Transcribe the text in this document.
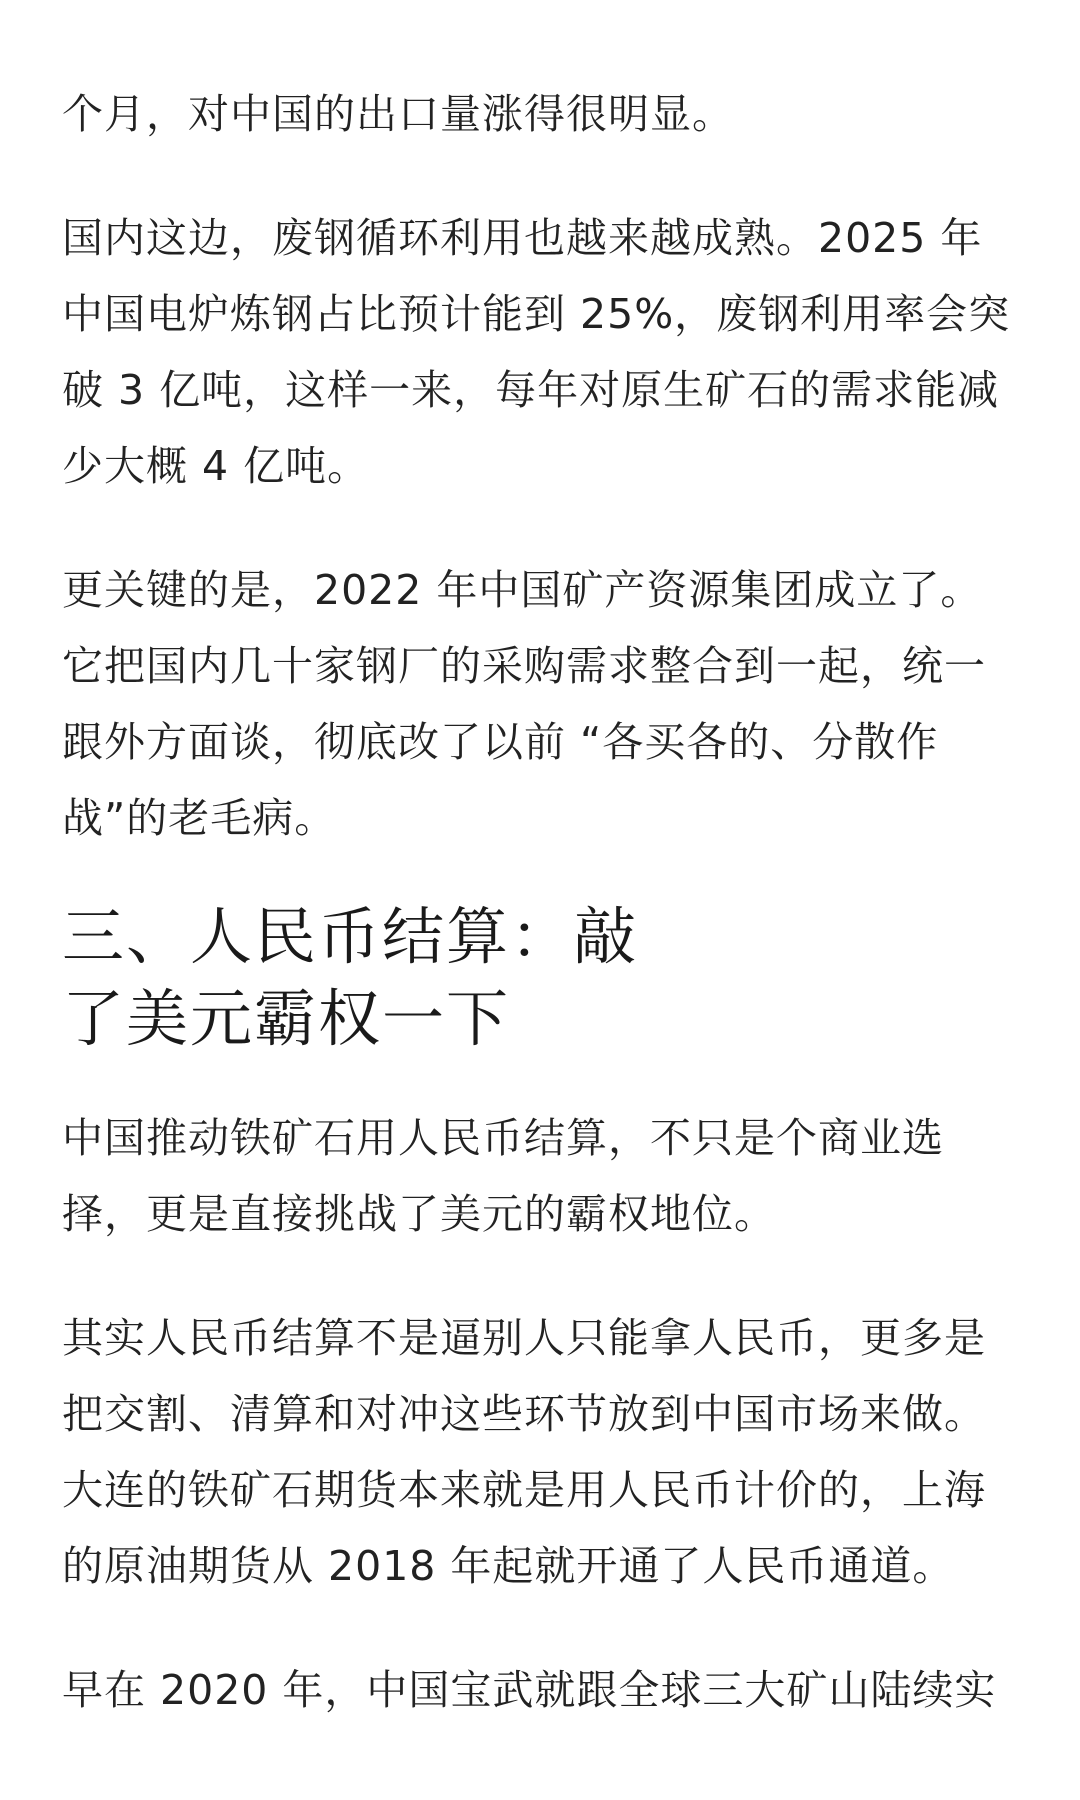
个月，对中国的出口量涨得很明显。

国内这边，废钢循环利用也越来越成熟。2025 年
中国电炉炼钢占比预计能到 25%，废钢利用率会突
破 3 亿吨，这样一来，每年对原生矿石的需求能减
少大概 4 亿吨。

更关键的是，2022 年中国矿产资源集团成立了。
它把国内几十家钢厂的采购需求整合到一起，统一
跟外方面谈，彻底改了以前 “各买各的、分散作
战”的老毛病。

三、人民币结算：敲
了美元霸权一下

中国推动铁矿石用人民币结算，不只是个商业选
择，更是直接挑战了美元的霸权地位。

其实人民币结算不是逼别人只能拿人民币，更多是
把交割、清算和对冲这些环节放到中国市场来做。
大连的铁矿石期货本来就是用人民币计价的，上海
的原油期货从 2018 年起就开通了人民币通道。

早在 2020 年，中国宝武就跟全球三大矿山陆续实
